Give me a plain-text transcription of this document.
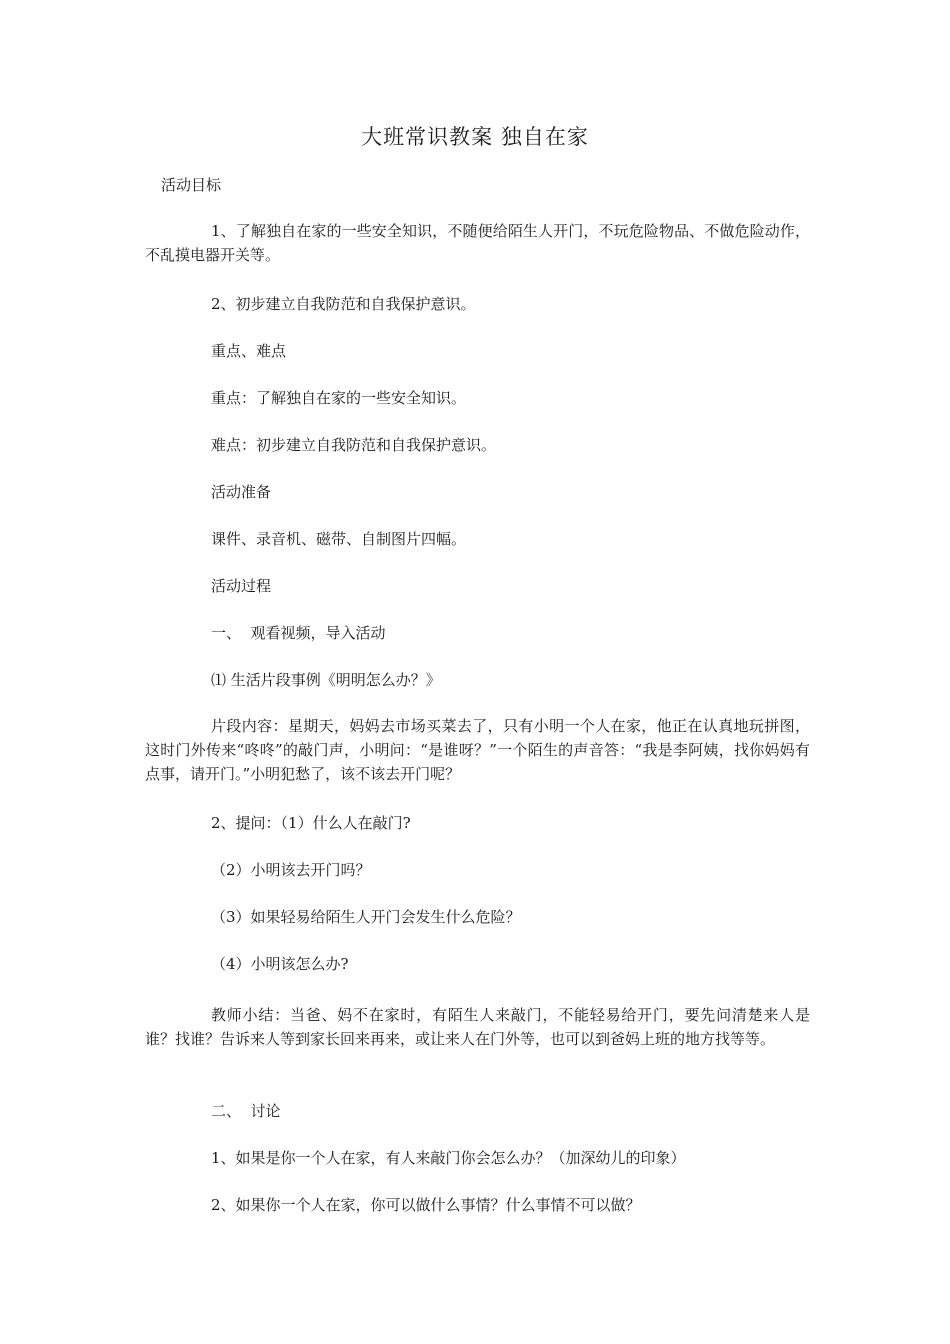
大班常识教案 独自在家
活动目标
1、了解独自在家的一些安全知识，不随便给陌生人开门，不玩危险物品、不做危险动作，不乱摸电器开关等。
2、初步建立自我防范和自我保护意识。
重点、难点
重点：了解独自在家的一些安全知识。
难点：初步建立自我防范和自我保护意识。
活动准备
课件、录音机、磁带、自制图片四幅。
活动过程
一、  观看视频，导入活动
⑴ 生活片段事例《明明怎么办？》
片段内容：星期天，妈妈去市场买菜去了，只有小明一个人在家，他正在认真地玩拼图，这时门外传来“咚咚”的敲门声，小明问：“是谁呀？”一个陌生的声音答：“我是李阿姨，找你妈妈有点事，请开门。”小明犯愁了，该不该去开门呢？
2、提问：（1）什么人在敲门?
（2）小明该去开门吗？
（3）如果轻易给陌生人开门会发生什么危险？
（4）小明该怎么办?
教师小结：当爸、妈不在家时，有陌生人来敲门，不能轻易给开门，要先问清楚来人是谁？找谁？告诉来人等到家长回来再来，或让来人在门外等，也可以到爸妈上班的地方找等等。
二、  讨论
1、如果是你一个人在家，有人来敲门你会怎么办？（加深幼儿的印象）
2、如果你一个人在家，你可以做什么事情？什么事情不可以做？
